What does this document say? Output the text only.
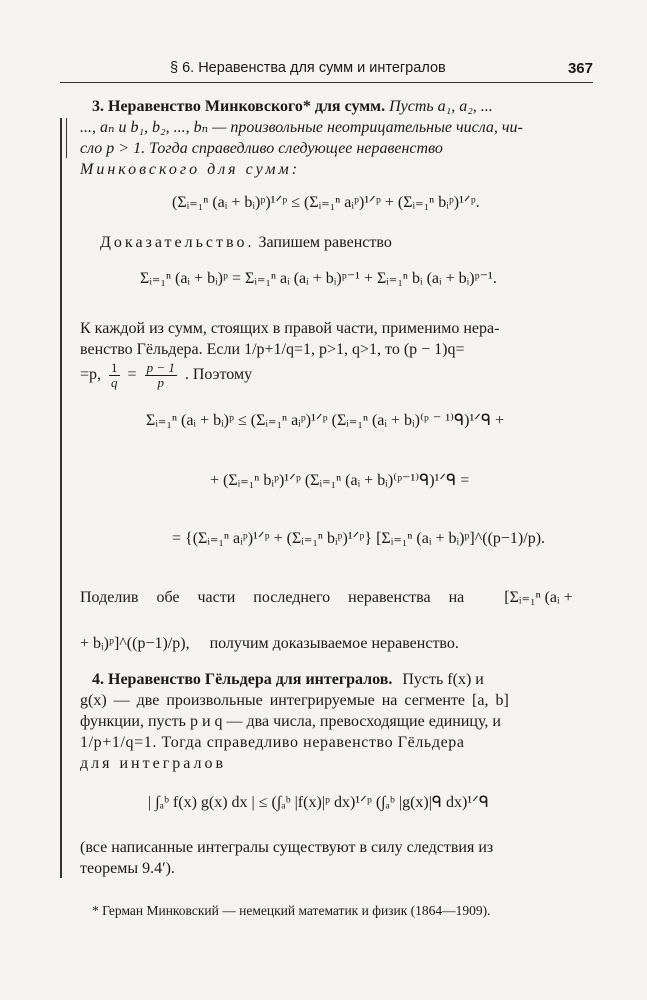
§ 6. Неравенства для сумм и интегралов	367
3. Неравенство Минковского* для сумм. Пусть a₁, a₂, ...
..., aₙ и b₁, b₂, ..., bₙ — произвольные неотрицательные числа, чи-
сло p > 1. Тогда справедливо следующее неравенство
Минковского для сумм:
(Σᵢ₌₁ⁿ (aᵢ + bᵢ)ᵖ)¹ᐟᵖ ≤ (Σᵢ₌₁ⁿ aᵢᵖ)¹ᐟᵖ + (Σᵢ₌₁ⁿ bᵢᵖ)¹ᐟᵖ.
Доказательство. Запишем равенство
Σᵢ₌₁ⁿ (aᵢ + bᵢ)ᵖ = Σᵢ₌₁ⁿ aᵢ (aᵢ + bᵢ)ᵖ⁻¹ + Σᵢ₌₁ⁿ bᵢ (aᵢ + bᵢ)ᵖ⁻¹.
К каждой из сумм, стоящих в правой части, применимо нера-
венство Гёльдера. Если 1/p+1/q=1, p>1, q>1, то (p − 1)q=
=p, $\frac{1}{q} = \frac{p - 1}{p}$ . Поэтому
Σᵢ₌₁ⁿ (aᵢ + bᵢ)ᵖ ≤ (Σᵢ₌₁ⁿ aᵢᵖ)¹ᐟᵖ (Σᵢ₌₁ⁿ (aᵢ + bᵢ)⁽ᵖ ⁻ ¹⁾ᑫ)¹ᐟᑫ +
+ (Σᵢ₌₁ⁿ bᵢᵖ)¹ᐟᵖ (Σᵢ₌₁ⁿ (aᵢ + bᵢ)⁽ᵖ⁻¹⁾ᑫ)¹ᐟᑫ =
= {(Σᵢ₌₁ⁿ aᵢᵖ)¹ᐟᵖ + (Σᵢ₌₁ⁿ bᵢᵖ)¹ᐟᵖ} [Σᵢ₌₁ⁿ (aᵢ + bᵢ)ᵖ]^((p−1)/p).
Поделив обе части последнего неравенства на	[Σᵢ₌₁ⁿ (aᵢ +
+ bᵢ)ᵖ]^((p−1)/p), получим доказываемое неравенство.
4. Неравенство Гёльдера для интегралов. Пусть f(x) и
g(x) — две произвольные интегрируемые на сегменте [a, b]
функции, пусть p и q — два числа, превосходящие единицу, и
1/p+1/q=1. Тогда справедливо неравенство Гёльдера
для интегралов
| ∫ₐᵇ f(x) g(x) dx | ≤ (∫ₐᵇ |f(x)|ᵖ dx)¹ᐟᵖ (∫ₐᵇ |g(x)|ᑫ dx)¹ᐟᑫ
(все написанные интегралы существуют в силу следствия из
теоремы 9.4′).
* Герман Минковский — немецкий математик и физик (1864—1909).
